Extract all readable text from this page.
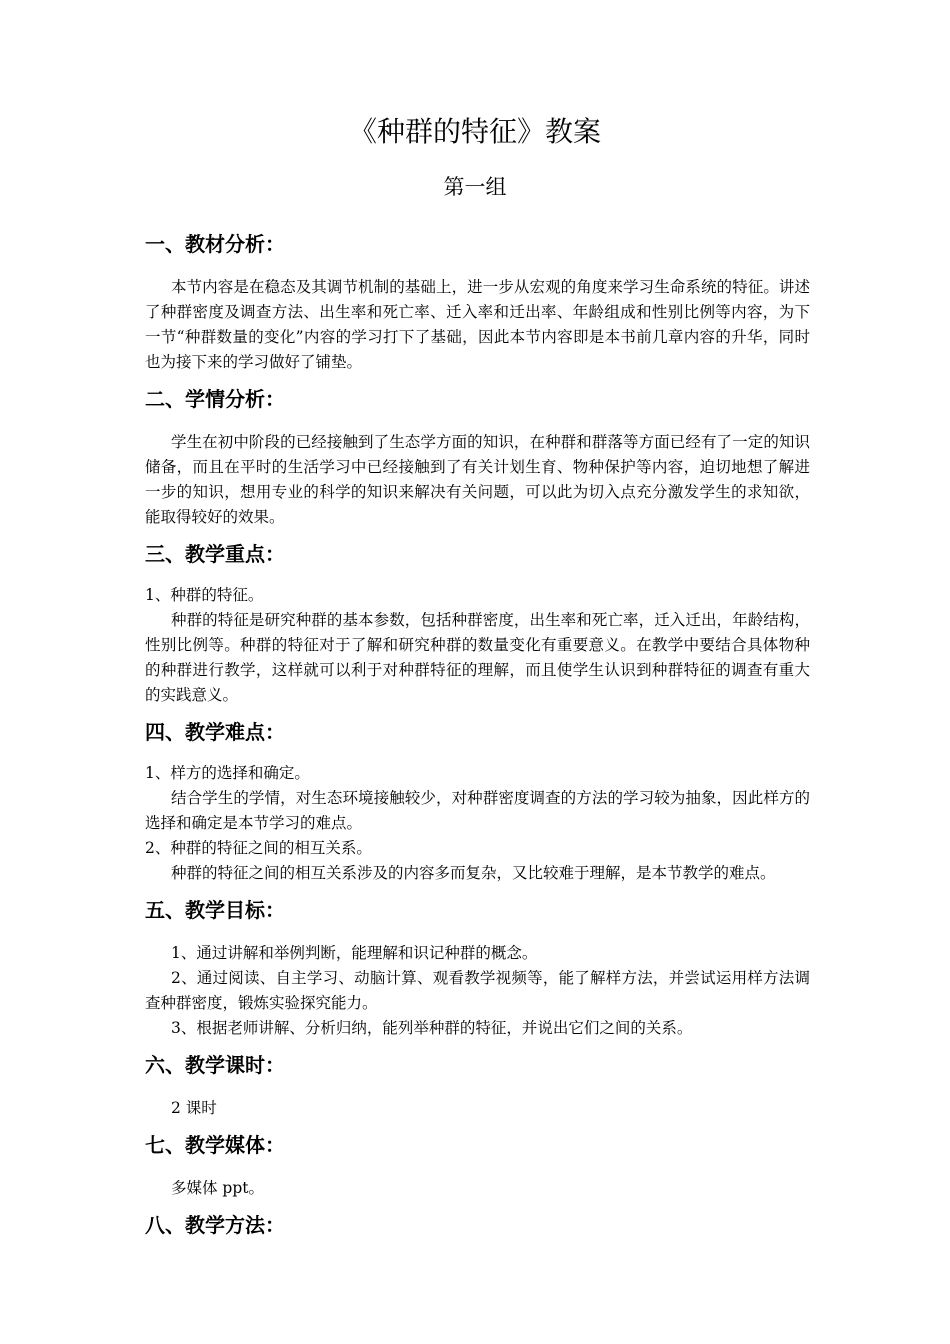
《种群的特征》教案
第一组
一、教材分析：

本节内容是在稳态及其调节机制的基础上，进一步从宏观的角度来学习生命系统的特征。讲述了种群密度及调查方法、出生率和死亡率、迁入率和迁出率、年龄组成和性别比例等内容，为下一节“种群数量的变化”内容的学习打下了基础，因此本节内容即是本书前几章内容的升华，同时也为接下来的学习做好了铺垫。

二、学情分析：

学生在初中阶段的已经接触到了生态学方面的知识，在种群和群落等方面已经有了一定的知识储备，而且在平时的生活学习中已经接触到了有关计划生育、物种保护等内容，迫切地想了解进一步的知识，想用专业的科学的知识来解决有关问题，可以此为切入点充分激发学生的求知欲，能取得较好的效果。

三、教学重点：

1、种群的特征。

种群的特征是研究种群的基本参数，包括种群密度，出生率和死亡率，迁入迁出，年龄结构，性别比例等。种群的特征对于了解和研究种群的数量变化有重要意义。在教学中要结合具体物种的种群进行教学，这样就可以利于对种群特征的理解，而且使学生认识到种群特征的调查有重大的实践意义。

四、教学难点：

1、样方的选择和确定。

结合学生的学情，对生态环境接触较少，对种群密度调查的方法的学习较为抽象，因此样方的选择和确定是本节学习的难点。

2、种群的特征之间的相互关系。

种群的特征之间的相互关系涉及的内容多而复杂，又比较难于理解，是本节教学的难点。

五、教学目标：

1、通过讲解和举例判断，能理解和识记种群的概念。

2、通过阅读、自主学习、动脑计算、观看教学视频等，能了解样方法，并尝试运用样方法调查种群密度，锻炼实验探究能力。

3、根据老师讲解、分析归纳，能列举种群的特征，并说出它们之间的关系。

六、教学课时：

2 课时

七、教学媒体：

多媒体 ppt。

八、教学方法：
